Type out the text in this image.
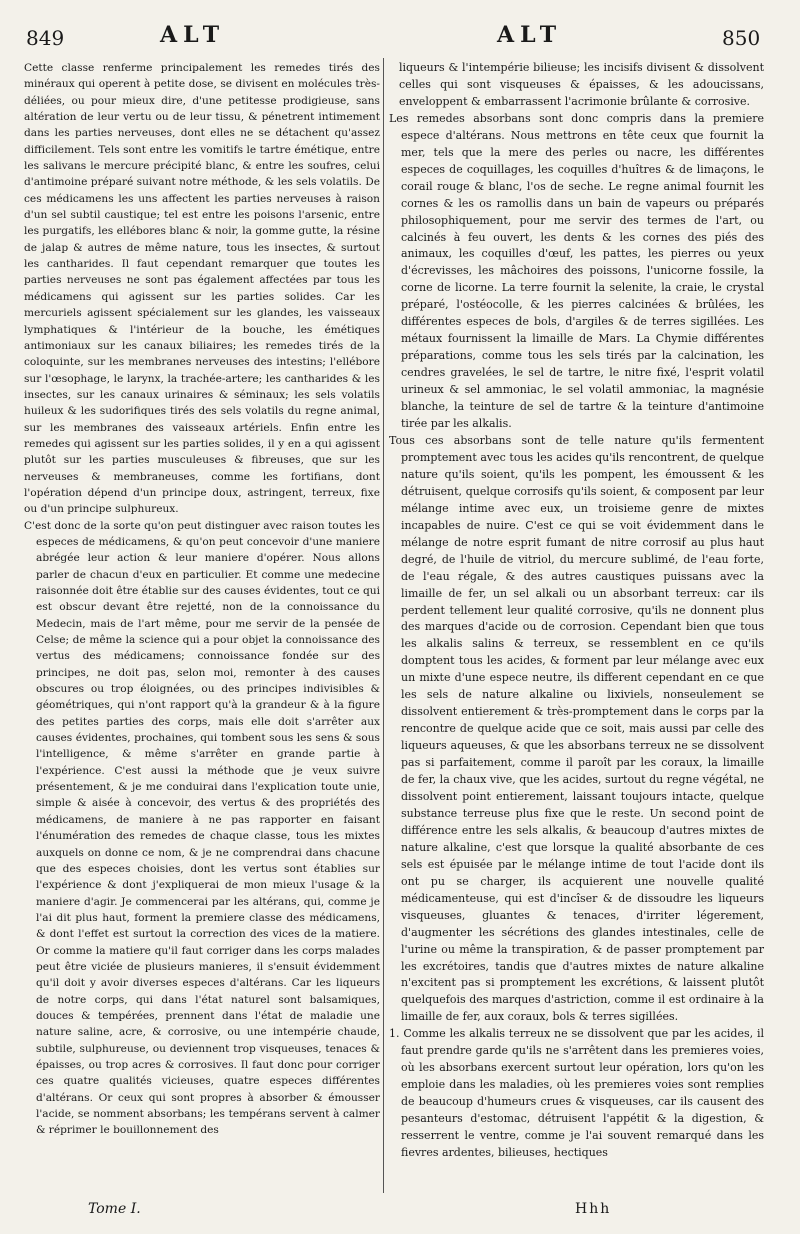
849	ALT	ALT	850

Cette classe renferme principalement les remedes tirés des minéraux qui operent à petite dose, se divisent en molécules très-déliées, ou pour mieux dire, d'une petitesse prodigieuse, sans altération de leur vertu ou de leur tissu, & pénetrent intimement dans les parties nerveuses, dont elles ne se détachent qu'assez difficilement. Tels sont entre les vomitifs le tartre émétique, entre les salivans le mercure précipité blanc, & entre les soufres, celui d'antimoine préparé suivant notre méthode, & les sels volatils. De ces médicamens les uns affectent les parties nerveuses à raison d'un sel subtil caustique; tel est entre les poisons l'arsenic, entre les purgatifs, les ellébores blanc & noir, la gomme gutte, la résine de jalap & autres de même nature, tous les insectes, & surtout les cantharides. Il faut cependant remarquer que toutes les parties nerveuses ne sont pas également affectées par tous les médicamens qui agissent sur les parties solides. Car les mercuriels agissent spécialement sur les glandes, les vaisseaux lymphatiques & l'intérieur de la bouche, les émétiques antimoniaux sur les canaux biliaires; les remedes tirés de la coloquinte, sur les membranes nerveuses des intestins; l'ellébore sur l'œsophage, le larynx, la trachée-artere; les cantharides & les insectes, sur les canaux urinaires & séminaux; les sels volatils huileux & les sudorifiques tirés des sels volatils du regne animal, sur les membranes des vaisseaux artériels. Enfin entre les remedes qui agissent sur les parties solides, il y en a qui agissent plutôt sur les parties musculeuses & fibreuses, que sur les nerveuses & membraneuses, comme les fortifians, dont l'opération dépend d'un principe doux, astringent, terreux, fixe ou d'un principe sulphureux.

C'est donc de la sorte qu'on peut distinguer avec raison toutes les especes de médicamens, & qu'on peut concevoir d'une maniere abrégée leur action & leur maniere d'opérer. Nous allons parler de chacun d'eux en particulier. Et comme une medecine raisonnée doit être établie sur des causes évidentes, tout ce qui est obscur devant être rejetté, non de la connoissance du Medecin, mais de l'art même, pour me servir de la pensée de Celse; de même la science qui a pour objet la connoissance des vertus des médicamens; connoissance fondée sur des principes, ne doit pas, selon moi, remonter à des causes obscures ou trop éloignées, ou des principes indivisibles & géométriques, qui n'ont rapport qu'à la grandeur & à la figure des petites parties des corps, mais elle doit s'arrêter aux causes évidentes, prochaines, qui tombent sous les sens & sous l'intelligence, & même s'arrêter en grande partie à l'expérience. C'est aussi la méthode que je veux suivre présentement, & je me conduirai dans l'explication toute unie, simple & aisée à concevoir, des vertus & des propriétés des médicamens, de maniere à ne pas rapporter en faisant l'énumération des remedes de chaque classe, tous les mixtes auxquels on donne ce nom, & je ne comprendrai dans chacune que des especes choisies, dont les vertus sont établies sur l'expérience & dont j'expliquerai de mon mieux l'usage & la maniere d'agir. Je commencerai par les altérans, qui, comme je l'ai dit plus haut, forment la premiere classe des médicamens, & dont l'effet est surtout la correction des vices de la matiere. Or comme la matiere qu'il faut corriger dans les corps malades peut être viciée de plusieurs manieres, il s'ensuit évidemment qu'il doit y avoir diverses especes d'altérans. Car les liqueurs de notre corps, qui dans l'état naturel sont balsamiques, douces & tempérées, prennent dans l'état de maladie une nature saline, acre, & corrosive, ou une intempérie chaude, subtile, sulphureuse, ou deviennent trop visqueuses, tenaces & épaisses, ou trop acres & corrosives. Il faut donc pour corriger ces quatre qualités vicieuses, quatre especes différentes d'altérans. Or ceux qui sont propres à absorber & émousser l'acide, se nomment absorbans; les tempérans servent à calmer & réprimer le bouillonnement des

liqueurs & l'intempérie bilieuse; les incisifs divisent & dissolvent celles qui sont visqueuses & épaisses, & les adoucissans, enveloppent & embarrassent l'acrimonie brûlante & corrosive.

Les remedes absorbans sont donc compris dans la premiere espece d'altérans. Nous mettrons en tête ceux que fournit la mer, tels que la mere des perles ou nacre, les différentes especes de coquillages, les coquilles d'huîtres & de limaçons, le corail rouge & blanc, l'os de seche. Le regne animal fournit les cornes & les os ramollis dans un bain de vapeurs ou préparés philosophiquement, pour me servir des termes de l'art, ou calcinés à feu ouvert, les dents & les cornes des piés des animaux, les coquilles d'œuf, les pattes, les pierres ou yeux d'écrevisses, les mâchoires des poissons, l'unicorne fossile, la corne de licorne. La terre fournit la selenite, la craie, le crystal préparé, l'ostéocolle, & les pierres calcinées & brûlées, les différentes especes de bols, d'argiles & de terres sigillées. Les métaux fournissent la limaille de Mars. La Chymie différentes préparations, comme tous les sels tirés par la calcination, les cendres gravelées, le sel de tartre, le nitre fixé, l'esprit volatil urineux & sel ammoniac, le sel volatil ammoniac, la magnésie blanche, la teinture de sel de tartre & la teinture d'antimoine tirée par les alkalis.

Tous ces absorbans sont de telle nature qu'ils fermentent promptement avec tous les acides qu'ils rencontrent, de quelque nature qu'ils soient, qu'ils les pompent, les émoussent & les détruisent, quelque corrosifs qu'ils soient, & composent par leur mélange intime avec eux, un troisieme genre de mixtes incapables de nuire. C'est ce qui se voit évidemment dans le mélange de notre esprit fumant de nitre corrosif au plus haut degré, de l'huile de vitriol, du mercure sublimé, de l'eau forte, de l'eau régale, & des autres caustiques puissans avec la limaille de fer, un sel alkali ou un absorbant terreux: car ils perdent tellement leur qualité corrosive, qu'ils ne donnent plus des marques d'acide ou de corrosion. Cependant bien que tous les alkalis salins & terreux, se ressemblent en ce qu'ils domptent tous les acides, & forment par leur mélange avec eux un mixte d'une espece neutre, ils different cependant en ce que les sels de nature alkaline ou lixiviels, nonseulement se dissolvent entierement & très-promptement dans le corps par la rencontre de quelque acide que ce soit, mais aussi par celle des liqueurs aqueuses, & que les absorbans terreux ne se dissolvent pas si parfaitement, comme il paroît par les coraux, la limaille de fer, la chaux vive, que les acides, surtout du regne végétal, ne dissolvent point entierement, laissant toujours intacte, quelque substance terreuse plus fixe que le reste. Un second point de différence entre les sels alkalis, & beaucoup d'autres mixtes de nature alkaline, c'est que lorsque la qualité absorbante de ces sels est épuisée par le mélange intime de tout l'acide dont ils ont pu se charger, ils acquierent une nouvelle qualité médicamenteuse, qui est d'incîser & de dissoudre les liqueurs visqueuses, gluantes & tenaces, d'irriter légerement, d'augmenter les sécrétions des glandes intestinales, celle de l'urine ou même la transpiration, & de passer promptement par les excrétoires, tandis que d'autres mixtes de nature alkaline n'excitent pas si promptement les excrétions, & laissent plutôt quelquefois des marques d'astriction, comme il est ordinaire à la limaille de fer, aux coraux, bols & terres sigillées.

1. Comme les alkalis terreux ne se dissolvent que par les acides, il faut prendre garde qu'ils ne s'arrêtent dans les premieres voies, où les absorbans exercent surtout leur opération, lors qu'on les emploie dans les maladies, où les premieres voies sont remplies de beaucoup d'humeurs crues & visqueuses, car ils causent des pesanteurs d'estomac, détruisent l'appétit & la digestion, & resserrent le ventre, comme je l'ai souvent remarqué dans les fievres ardentes, bilieuses, hectiques

Tome I.	Hhh
